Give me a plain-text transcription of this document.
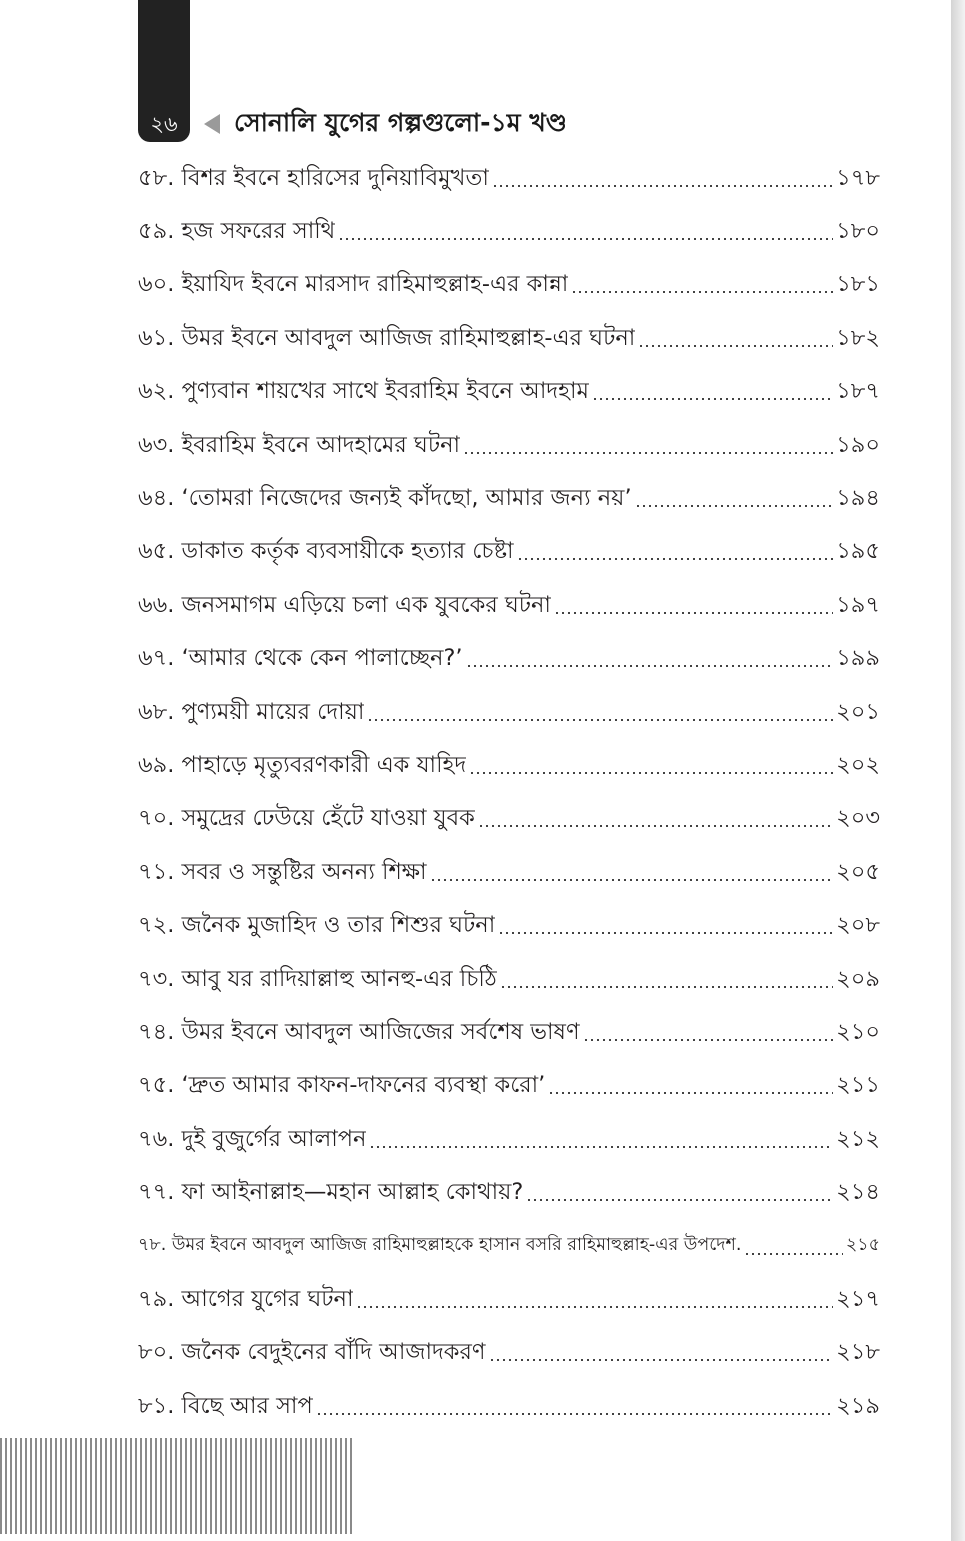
২৬	সোনালি যুগের গল্পগুলো-১ম খণ্ড
৫৮. বিশর ইবনে হারিসের দুনিয়াবিমুখতা	১৭৮
৫৯. হজ সফরের সাথি	১৮০
৬০. ইয়াযিদ ইবনে মারসাদ রাহিমাহুল্লাহ-এর কান্না	১৮১
৬১. উমর ইবনে আবদুল আজিজ রাহিমাহুল্লাহ-এর ঘটনা	১৮২
৬২. পুণ্যবান শায়খের সাথে ইবরাহিম ইবনে আদহাম	১৮৭
৬৩. ইবরাহিম ইবনে আদহামের ঘটনা	১৯০
৬৪. ‘তোমরা নিজেদের জন্যই কাঁদছো, আমার জন্য নয়’	১৯৪
৬৫. ডাকাত কর্তৃক ব্যবসায়ীকে হত্যার চেষ্টা	১৯৫
৬৬. জনসমাগম এড়িয়ে চলা এক যুবকের ঘটনা	১৯৭
৬৭. ‘আমার থেকে কেন পালাচ্ছেন?’	১৯৯
৬৮. পুণ্যময়ী মায়ের দোয়া	২০১
৬৯. পাহাড়ে মৃত্যুবরণকারী এক যাহিদ	২০২
৭০. সমুদ্রের ঢেউয়ে হেঁটে যাওয়া যুবক	২০৩
৭১. সবর ও সন্তুষ্টির অনন্য শিক্ষা	২০৫
৭২. জনৈক মুজাহিদ ও তার শিশুর ঘটনা	২০৮
৭৩. আবু যর রাদিয়াল্লাহু আনহু-এর চিঠি	২০৯
৭৪. উমর ইবনে আবদুল আজিজের সর্বশেষ ভাষণ	২১০
৭৫. ‘দ্রুত আমার কাফন-দাফনের ব্যবস্থা করো’	২১১
৭৬. দুই বুজুর্গের আলাপন	২১২
৭৭. ফা আইনাল্লাহ—মহান আল্লাহ কোথায়?	২১৪
৭৮. উমর ইবনে আবদুল আজিজ রাহিমাহুল্লাহকে হাসান বসরি রাহিমাহুল্লাহ-এর উপদেশ.	২১৫
৭৯. আগের যুগের ঘটনা	২১৭
৮০. জনৈক বেদুইনের বাঁদি আজাদকরণ	২১৮
৮১. বিছে আর সাপ	২১৯
